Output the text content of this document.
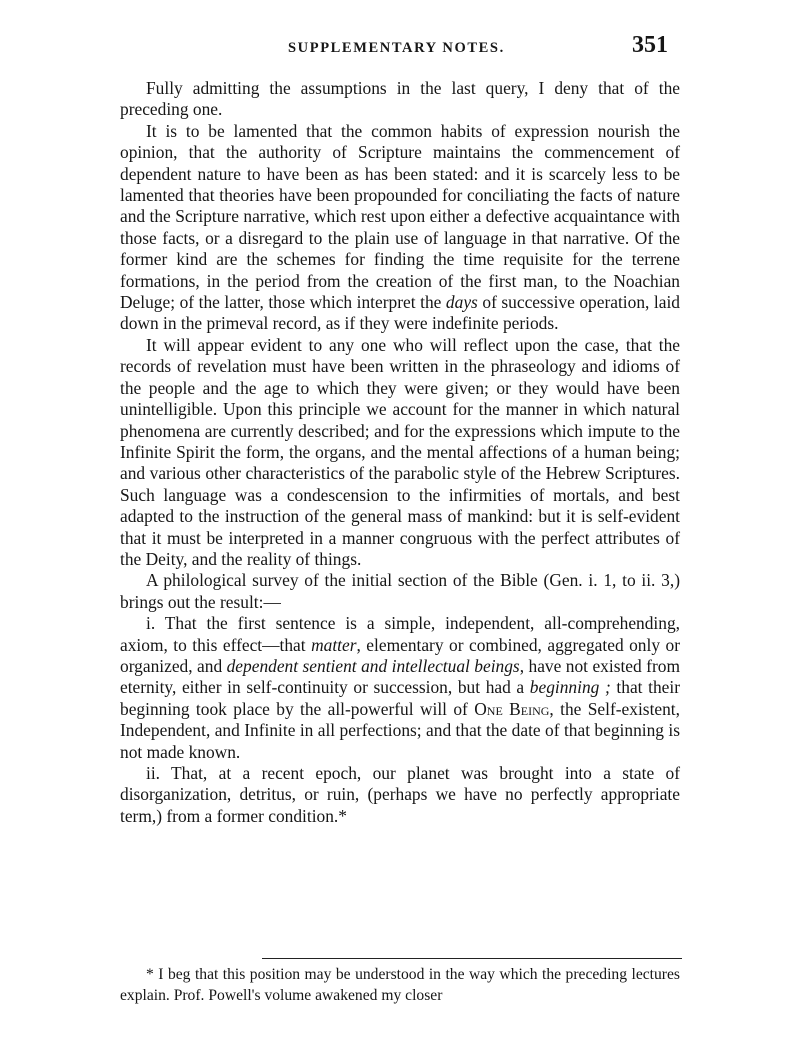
SUPPLEMENTARY NOTES.	351

Fully admitting the assumptions in the last query, I deny that of the preceding one.

It is to be lamented that the common habits of expression nourish the opinion, that the authority of Scripture maintains the commencement of dependent nature to have been as has been stated: and it is scarcely less to be lamented that theories have been propounded for conciliating the facts of nature and the Scripture narrative, which rest upon either a defective acquaintance with those facts, or a disregard to the plain use of language in that narrative. Of the former kind are the schemes for finding the time requisite for the terrene formations, in the period from the creation of the first man, to the Noachian Deluge; of the latter, those which interpret the days of successive operation, laid down in the primeval record, as if they were indefinite periods.

It will appear evident to any one who will reflect upon the case, that the records of revelation must have been written in the phraseology and idioms of the people and the age to which they were given; or they would have been unintelligible. Upon this principle we account for the manner in which natural phenomena are currently described; and for the expressions which impute to the Infinite Spirit the form, the organs, and the mental affections of a human being; and various other characteristics of the parabolic style of the Hebrew Scriptures. Such language was a condescension to the infirmities of mortals, and best adapted to the instruction of the general mass of mankind: but it is self-evident that it must be interpreted in a manner congruous with the perfect attributes of the Deity, and the reality of things.

A philological survey of the initial section of the Bible (Gen. i. 1, to ii. 3,) brings out the result:—

i. That the first sentence is a simple, independent, all-comprehending, axiom, to this effect—that matter, elementary or combined, aggregated only or organized, and dependent sentient and intellectual beings, have not existed from eternity, either in self-continuity or succession, but had a beginning ; that their beginning took place by the all-powerful will of One Being, the Self-existent, Independent, and Infinite in all perfections; and that the date of that beginning is not made known.

ii. That, at a recent epoch, our planet was brought into a state of disorganization, detritus, or ruin, (perhaps we have no perfectly appropriate term,) from a former condition.*

* I beg that this position may be understood in the way which the preceding lectures explain. Prof. Powell's volume awakened my closer
